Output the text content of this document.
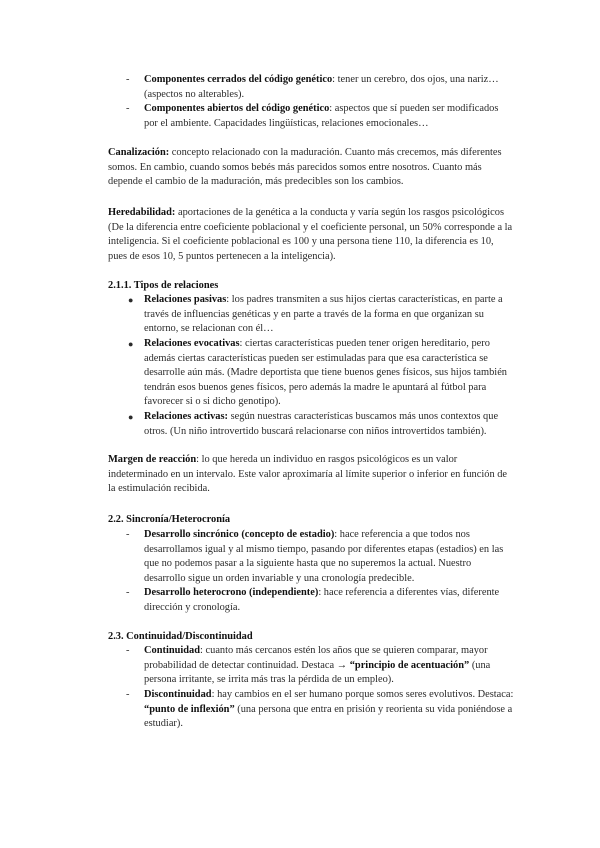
- Componentes cerrados del código genético: tener un cerebro, dos ojos, una nariz… (aspectos no alterables).
- Componentes abiertos del código genético: aspectos que sí pueden ser modificados por el ambiente. Capacidades lingüísticas, relaciones emocionales…
Canalización: concepto relacionado con la maduración. Cuanto más crecemos, más diferentes somos. En cambio, cuando somos bebés más parecidos somos entre nosotros. Cuanto más depende el cambio de la maduración, más predecibles son los cambios.
Heredabilidad: aportaciones de la genética a la conducta y varía según los rasgos psicológicos (De la diferencia entre coeficiente poblacional y el coeficiente personal, un 50% corresponde a la inteligencia. Si el coeficiente poblacional es 100 y una persona tiene 110, la diferencia es 10, pues de esos 10, 5 puntos pertenecen a la inteligencia).
2.1.1. Tipos de relaciones
● Relaciones pasivas: los padres transmiten a sus hijos ciertas características, en parte a través de influencias genéticas y en parte a través de la forma en que organizan su entorno, se relacionan con él…
● Relaciones evocativas: ciertas características pueden tener origen hereditario, pero además ciertas características pueden ser estimuladas para que esa característica se desarrolle aún más. (Madre deportista que tiene buenos genes físicos, sus hijos también tendrán esos buenos genes físicos, pero además la madre le apuntará al fútbol para favorecer si o si dicho genotipo).
● Relaciones activas: según nuestras características buscamos más unos contextos que otros. (Un niño introvertido buscará relacionarse con niños introvertidos también).
Margen de reacción: lo que hereda un individuo en rasgos psicológicos es un valor indeterminado en un intervalo. Este valor aproximaría al límite superior o inferior en función de la estimulación recibida.
2.2. Sincronía/Heterocronía
- Desarrollo sincrónico (concepto de estadio): hace referencia a que todos nos desarrollamos igual y al mismo tiempo, pasando por diferentes etapas (estadios) en las que no podemos pasar a la siguiente hasta que no superemos la actual. Nuestro desarrollo sigue un orden invariable y una cronología predecible.
- Desarrollo heterocrono (independiente): hace referencia a diferentes vías, diferente dirección y cronología.
2.3. Continuidad/Discontinuidad
- Continuidad: cuanto más cercanos estén los años que se quieren comparar, mayor probabilidad de detectar continuidad. Destaca → “principio de acentuación” (una persona irritante, se irrita más tras la pérdida de un empleo).
- Discontinuidad: hay cambios en el ser humano porque somos seres evolutivos. Destaca: “punto de inflexión” (una persona que entra en prisión y reorienta su vida poniéndose a estudiar).
